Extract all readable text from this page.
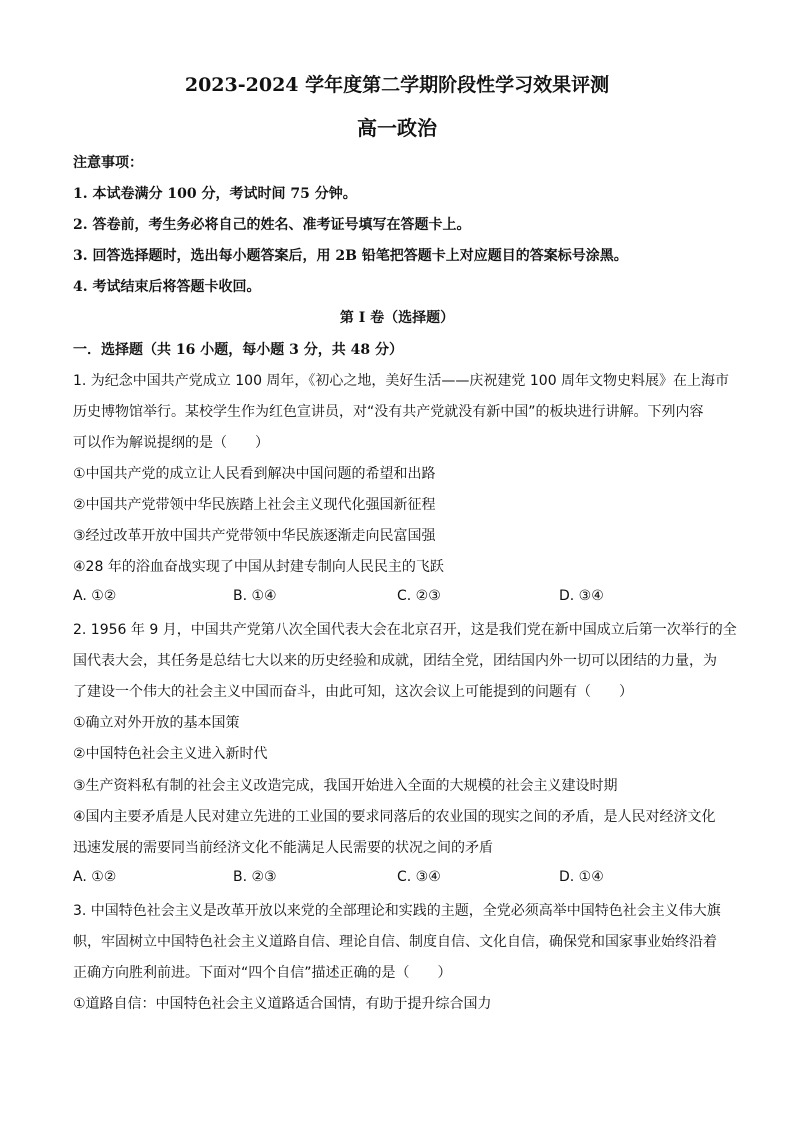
2023-2024 学年度第二学期阶段性学习效果评测
高一政治
注意事项：
1. 本试卷满分 100 分，考试时间 75 分钟。
2. 答卷前，考生务必将自己的姓名、准考证号填写在答题卡上。
3. 回答选择题时，选出每小题答案后，用 2B 铅笔把答题卡上对应题目的答案标号涂黑。
4. 考试结束后将答题卡收回。
第 I 卷（选择题）
一．选择题（共 16 小题，每小题 3 分，共 48 分）
1. 为纪念中国共产党成立 100 周年，《初心之地，美好生活——庆祝建党 100 周年文物史料展》在上海市
历史博物馆举行。某校学生作为红色宣讲员，对“没有共产党就没有新中国”的板块进行讲解。下列内容
可以作为解说提纲的是（　　）
①中国共产党的成立让人民看到解决中国问题的希望和出路
②中国共产党带领中华民族踏上社会主义现代化强国新征程
③经过改革开放中国共产党带领中华民族逐渐走向民富国强
④28 年的浴血奋战实现了中国从封建专制向人民民主的飞跃
A. ①②	B. ①④	C. ②③	D. ③④
2. 1956 年 9 月，中国共产党第八次全国代表大会在北京召开，这是我们党在新中国成立后第一次举行的全
国代表大会，其任务是总结七大以来的历史经验和成就，团结全党，团结国内外一切可以团结的力量，为
了建设一个伟大的社会主义中国而奋斗，由此可知，这次会议上可能提到的问题有（　　）
①确立对外开放的基本国策
②中国特色社会主义进入新时代
③生产资料私有制的社会主义改造完成，我国开始进入全面的大规模的社会主义建设时期
④国内主要矛盾是人民对建立先进的工业国的要求同落后的农业国的现实之间的矛盾，是人民对经济文化
迅速发展的需要同当前经济文化不能满足人民需要的状况之间的矛盾
A. ①②	B. ②③	C. ③④	D. ①④
3. 中国特色社会主义是改革开放以来党的全部理论和实践的主题，全党必须高举中国特色社会主义伟大旗
帜，牢固树立中国特色社会主义道路自信、理论自信、制度自信、文化自信，确保党和国家事业始终沿着
正确方向胜利前进。下面对“四个自信”描述正确的是（　　）
①道路自信：中国特色社会主义道路适合国情，有助于提升综合国力
